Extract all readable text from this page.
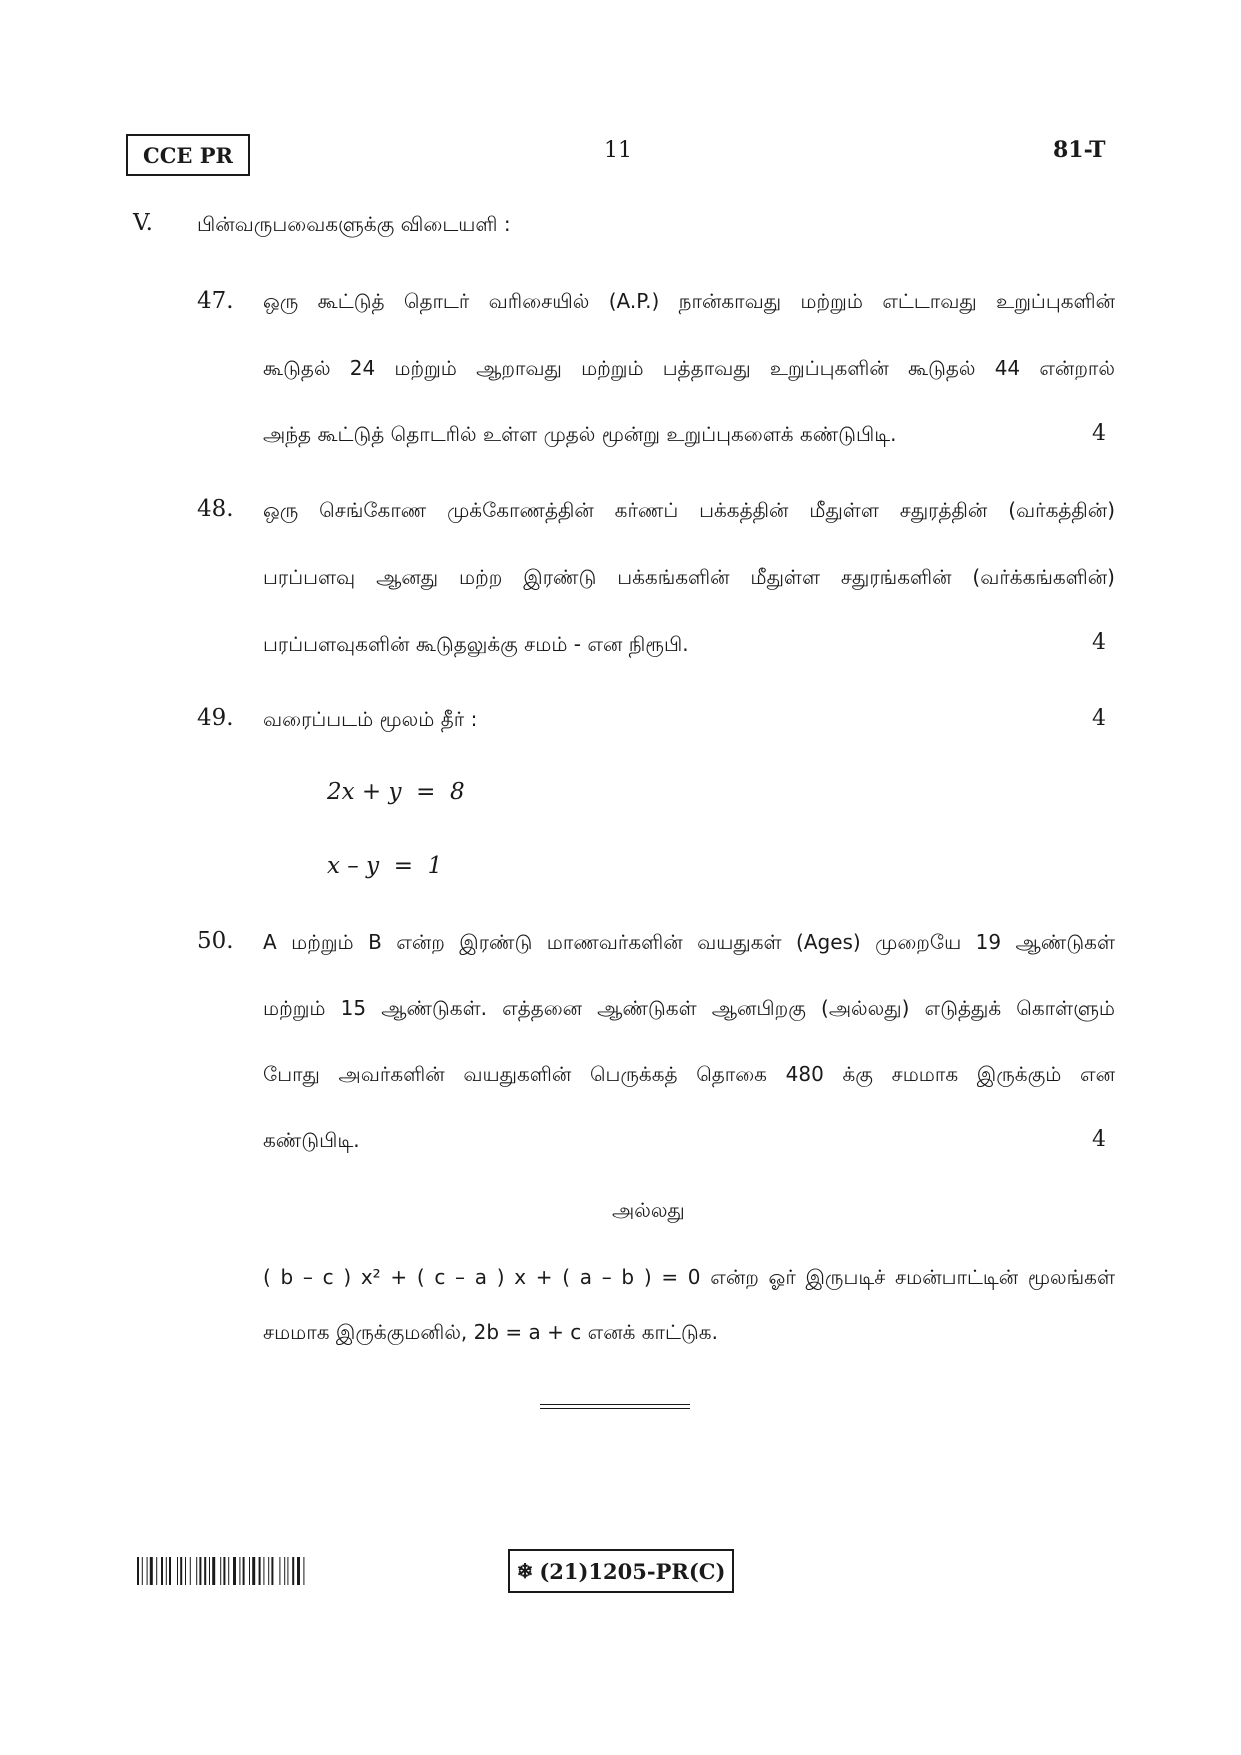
CCE PR	11	81-T
V. பின்வருபவைகளுக்கு விடையளி :
47. ஒரு கூட்டுத் தொடர் வரிசையில் (A.P.) நான்காவது மற்றும் எட்டாவது உறுப்புகளின்
கூடுதல் 24 மற்றும் ஆறாவது மற்றும் பத்தாவது உறுப்புகளின் கூடுதல் 44 என்றால்
அந்த கூட்டுத் தொடரில் உள்ள முதல் மூன்று உறுப்புகளைக் கண்டுபிடி.	4
48. ஒரு செங்கோண முக்கோணத்தின் கர்ணப் பக்கத்தின் மீதுள்ள சதுரத்தின் (வர்கத்தின்)
பரப்பளவு ஆனது மற்ற இரண்டு பக்கங்களின் மீதுள்ள சதுரங்களின் (வர்க்கங்களின்)
பரப்பளவுகளின் கூடுதலுக்கு சமம் - என நிரூபி.	4
49. வரைப்படம் மூலம் தீர் :	4
2x + y  =  8
x – y  =  1
50. A மற்றும் B என்ற இரண்டு மாணவர்களின் வயதுகள் (Ages) முறையே 19 ஆண்டுகள்
மற்றும் 15 ஆண்டுகள். எத்தனை ஆண்டுகள் ஆனபிறகு (அல்லது) எடுத்துக் கொள்ளும்
போது அவர்களின் வயதுகளின் பெருக்கத் தொகை 480 க்கு சமமாக இருக்கும் என
கண்டுபிடி.	4
அல்லது
( b – c ) x² + ( c – a ) x + ( a – b ) = 0 என்ற ஓர் இருபடிச் சமன்பாட்டின் மூலங்கள்
சமமாக இருக்குமனில், 2b = a + c எனக் காட்டுக.
❄ (21)1205-PR(C)
